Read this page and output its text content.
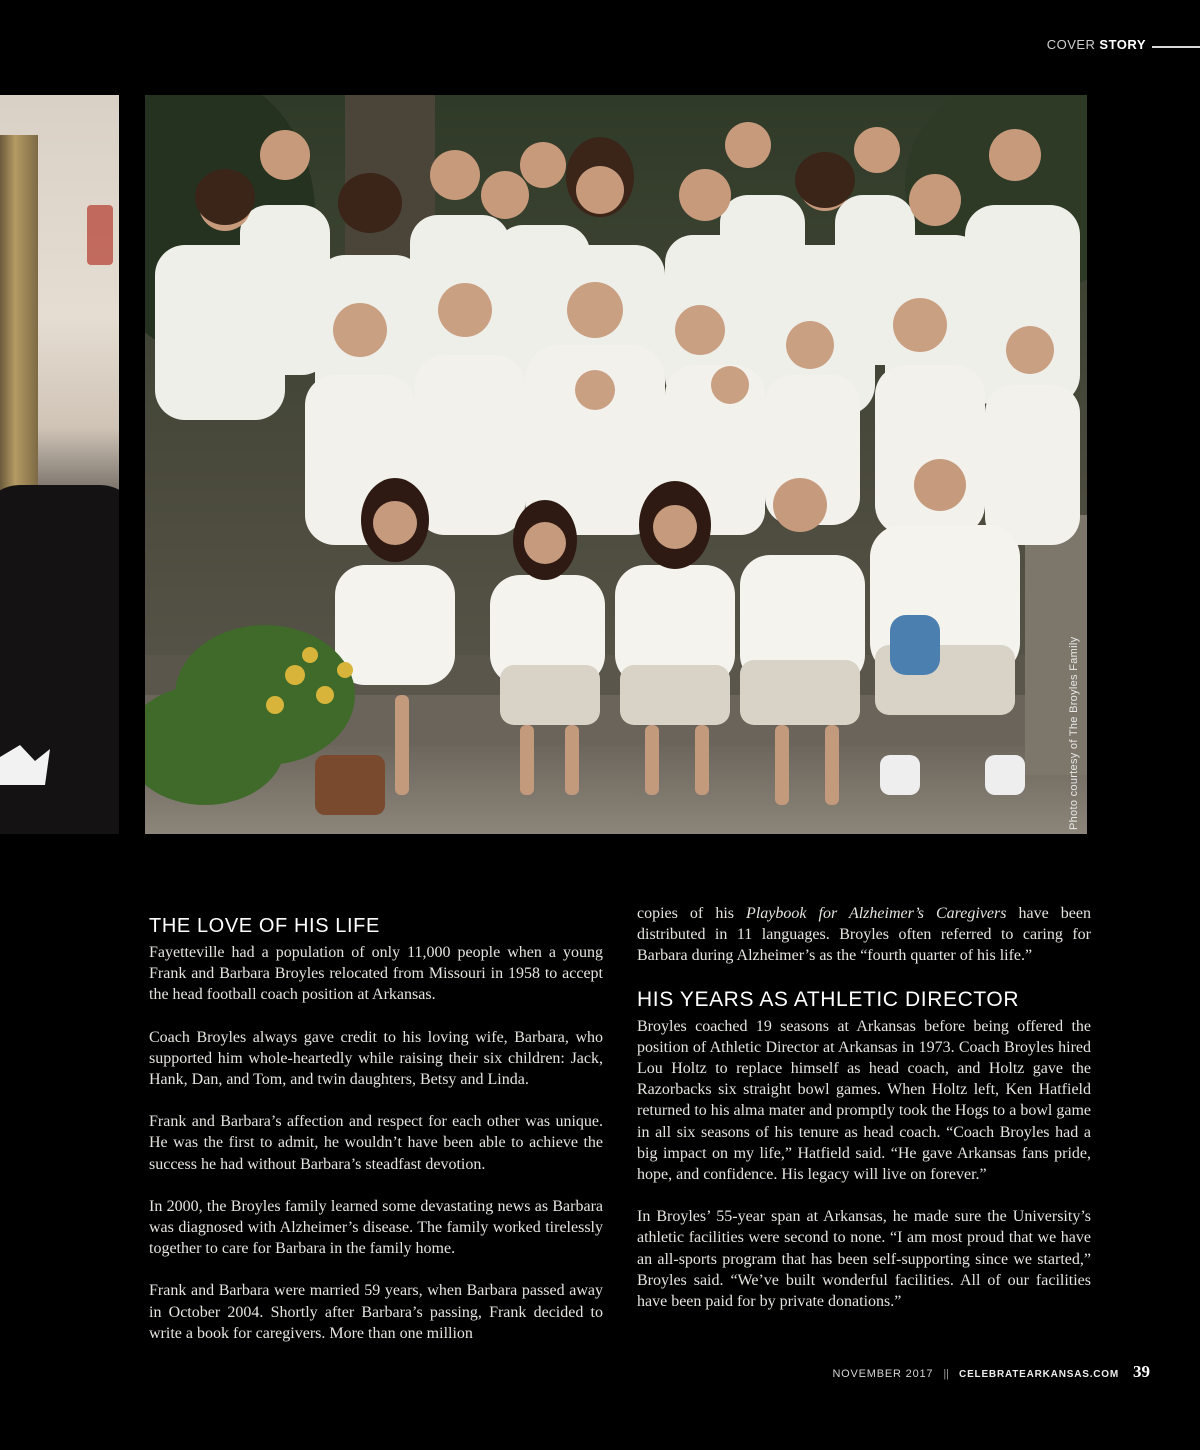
COVER STORY
Photo courtesy of The Broyles Family
THE LOVE OF HIS LIFE

Fayetteville had a population of only 11,000 people when a young Frank and Barbara Broyles relocated from Missouri in 1958 to accept the head football coach position at Arkansas.

Coach Broyles always gave credit to his loving wife, Barbara, who supported him whole-heartedly while raising their six children: Jack, Hank, Dan, and Tom, and twin daughters, Betsy and Linda.

Frank and Barbara’s affection and respect for each other was unique. He was the first to admit, he wouldn’t have been able to achieve the success he had without Barbara’s steadfast devotion.

In 2000, the Broyles family learned some devastating news as Barbara was diagnosed with Alzheimer’s disease. The family worked tirelessly together to care for Barbara in the family home.

Frank and Barbara were married 59 years, when Barbara passed away in October 2004. Shortly after Barbara’s passing, Frank decided to write a book for caregivers. More than one million

copies of his Playbook for Alzheimer’s Caregivers have been distributed in 11 languages. Broyles often referred to caring for Barbara during Alzheimer’s as the “fourth quarter of his life.”

HIS YEARS AS ATHLETIC DIRECTOR

Broyles coached 19 seasons at Arkansas before being offered the position of Athletic Director at Arkansas in 1973. Coach Broyles hired Lou Holtz to replace himself as head coach, and Holtz gave the Razorbacks six straight bowl games. When Holtz left, Ken Hatfield returned to his alma mater and promptly took the Hogs to a bowl game in all six seasons of his tenure as head coach. “Coach Broyles had a big impact on my life,” Hatfield said. “He gave Arkansas fans pride, hope, and confidence. His legacy will live on forever.”

In Broyles’ 55-year span at Arkansas, he made sure the University’s athletic facilities were second to none. “I am most proud that we have an all-sports program that has been self-supporting since we started,” Broyles said. “We’ve built wonderful facilities. All of our facilities have been paid for by private donations.”

NOVEMBER 2017 || CELEBRATEARKANSAS.COM 39
